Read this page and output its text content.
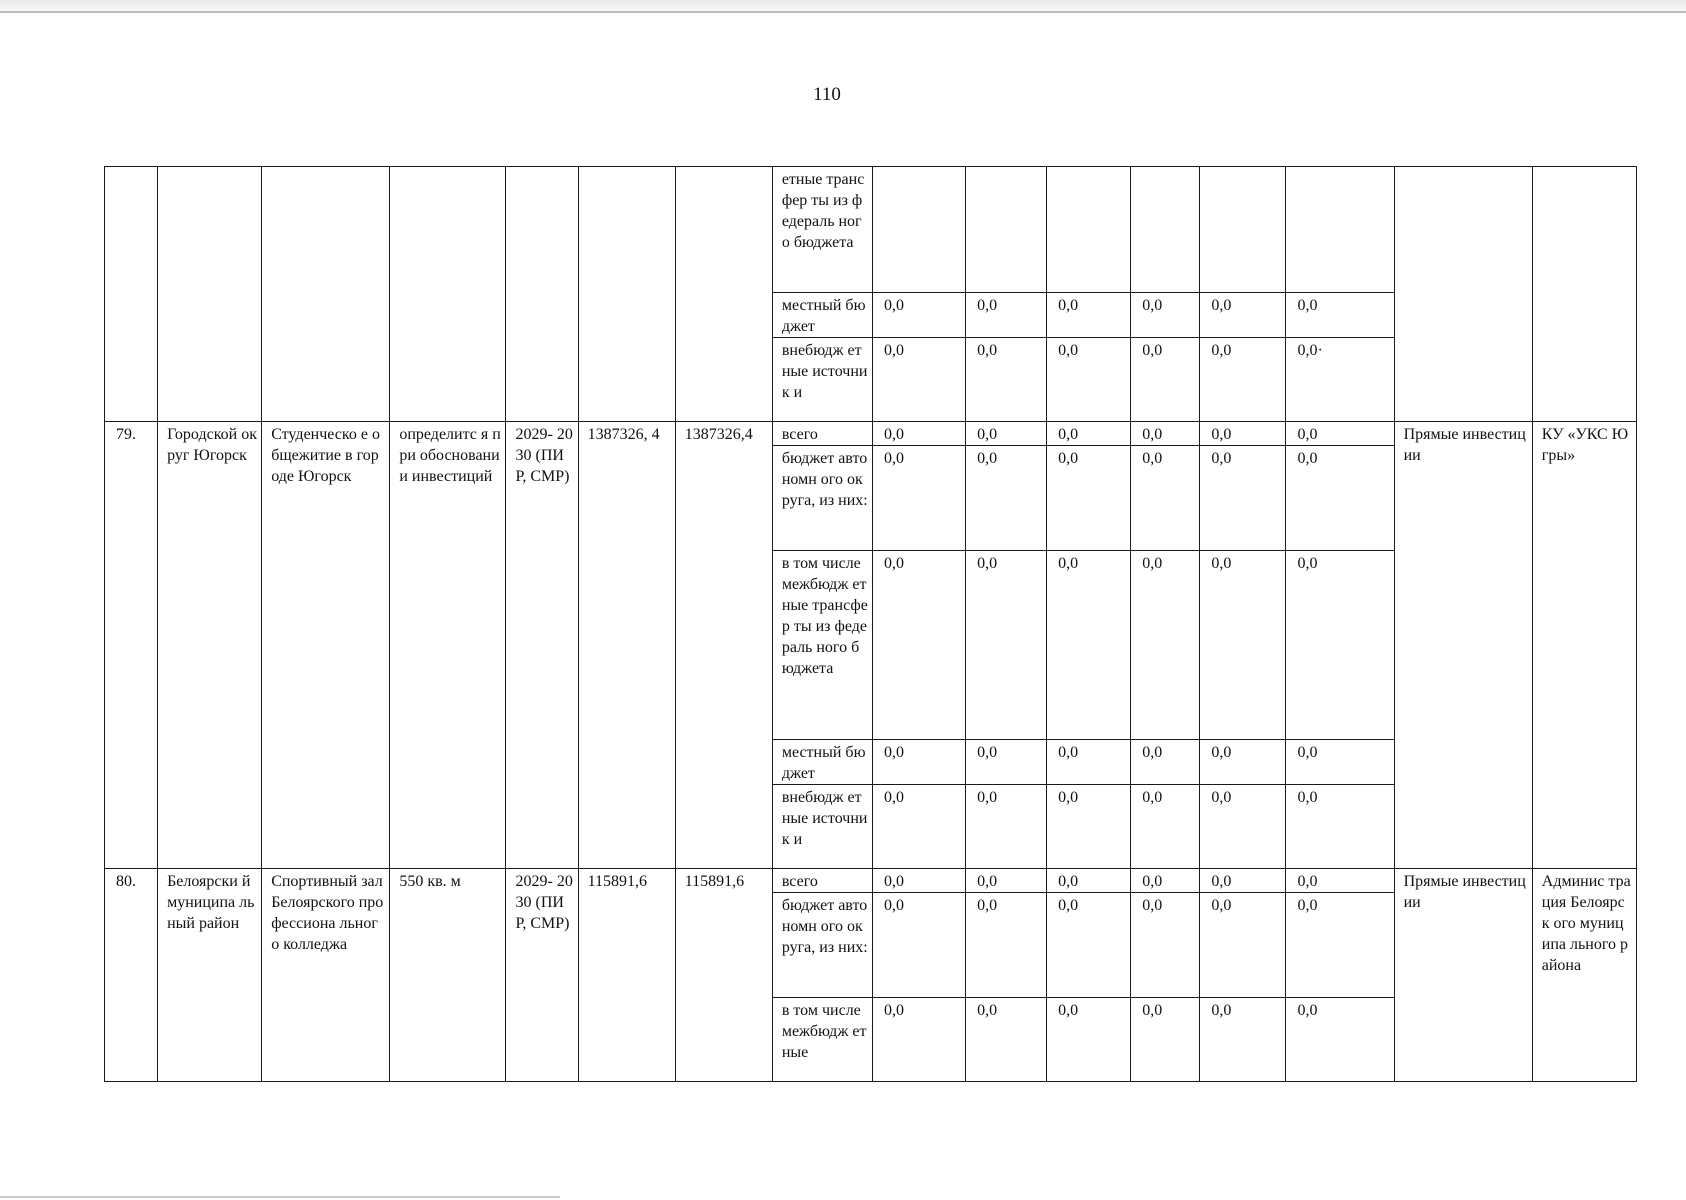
110
							етные трансфер ты из федераль ного бюджета								
							местный бюджет	0,0	0,0	0,0	0,0	0,0	0,0		
							внебюдж етные источник и	0,0	0,0	0,0	0,0	0,0	0,0·		
79.	Городской округ Югорск	Студенческо е общежитие в городе Югорск	определитс я при обосновани и инвестиций	2029- 2030 (ПИР, СМР)	1387326, 4	1387326,4	всего	0,0	0,0	0,0	0,0	0,0	0,0	Прямые инвестиции	КУ «УКС Югры»
							бюджет автономн ого округа, из них:	0,0	0,0	0,0	0,0	0,0	0,0		
							в том числе межбюдж етные трансфер ты из федераль ного бюджета	0,0	0,0	0,0	0,0	0,0	0,0		
							местный бюджет	0,0	0,0	0,0	0,0	0,0	0,0		
							внебюдж етные источник и	0,0	0,0	0,0	0,0	0,0	0,0		
80.	Белоярски й муниципа льный район	Спортивный зал Белоярского профессиона льного колледжа	550 кв. м	2029- 2030 (ПИР, СМР)	115891,6	115891,6	всего	0,0	0,0	0,0	0,0	0,0	0,0	Прямые инвестиции	Админис трация Белоярск ого муниципа льного района
							бюджет автономн ого округа, из них:	0,0	0,0	0,0	0,0	0,0	0,0		
							в том числе межбюдж етные	0,0	0,0	0,0	0,0	0,0	0,0		
